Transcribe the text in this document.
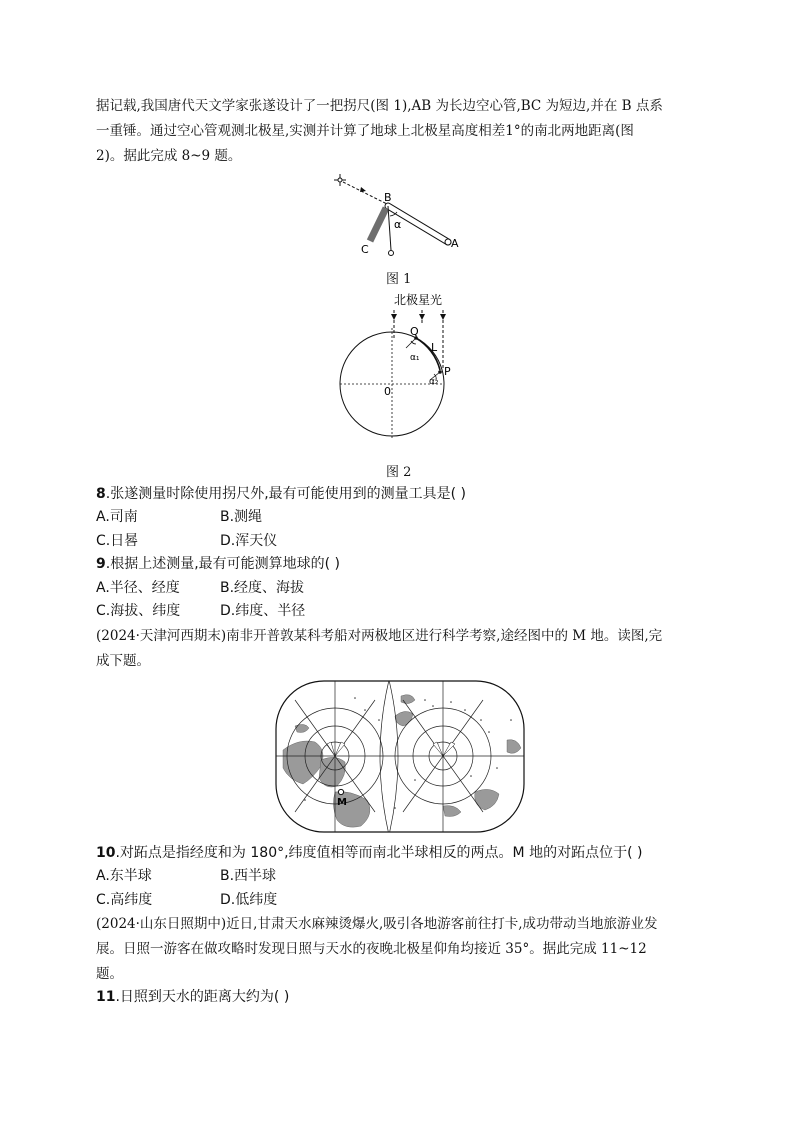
据记载,我国唐代天文学家张遂设计了一把拐尺(图 1),AB 为长边空心管,BC 为短边,并在 B 点系
一重锤。通过空心管观测北极星,实测并计算了地球上北极星高度相差1°的南北两地距离(图
2)。据此完成 8~9 题。
B
α
C	A
图 1
北极星光
Q
L
P
α₁
α₂
0
图 2
8.张遂测量时除使用拐尺外,最有可能使用到的测量工具是( )
A.司南	B.测绳
C.日晷	D.浑天仪
9.根据上述测量,最有可能测算地球的( )
A.半径、经度	B.经度、海拔
C.海拔、纬度	D.纬度、半径
(2024·天津河西期末)南非开普敦某科考船对两极地区进行科学考察,途经图中的 M 地。读图,完
成下题。
M
10.对跖点是指经度和为 180°,纬度值相等而南北半球相反的两点。M 地的对跖点位于( )
A.东半球	B.西半球
C.高纬度	D.低纬度
(2024·山东日照期中)近日,甘肃天水麻辣烫爆火,吸引各地游客前往打卡,成功带动当地旅游业发
展。日照一游客在做攻略时发现日照与天水的夜晚北极星仰角均接近 35°。据此完成 11~12
题。
11.日照到天水的距离大约为( )
